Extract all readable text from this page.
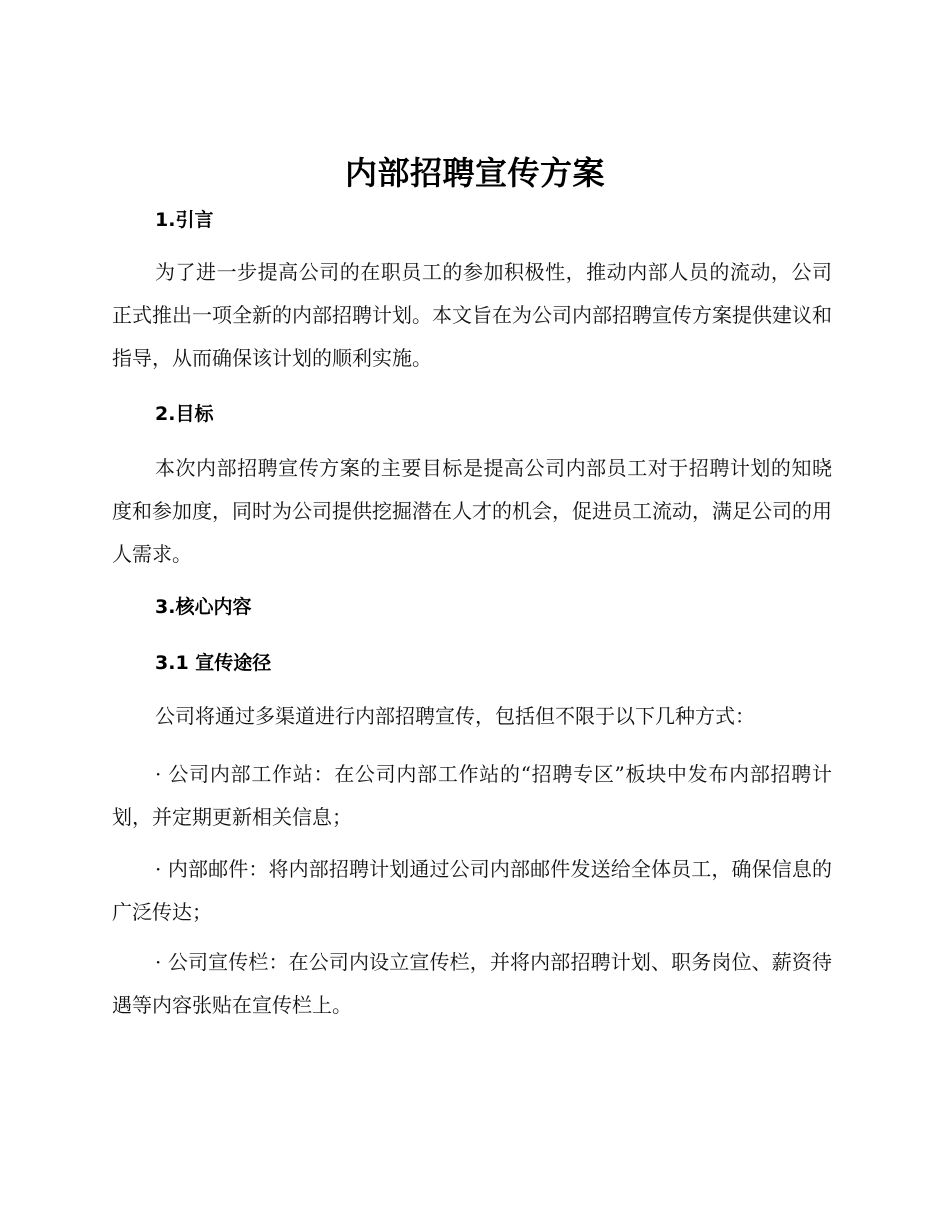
内部招聘宣传方案
1.引言
为了进一步提高公司的在职员工的参加积极性，推动内部人员的流动，公司正式推出一项全新的内部招聘计划。本文旨在为公司内部招聘宣传方案提供建议和指导，从而确保该计划的顺利实施。
2.目标
本次内部招聘宣传方案的主要目标是提高公司内部员工对于招聘计划的知晓度和参加度，同时为公司提供挖掘潜在人才的机会，促进员工流动，满足公司的用人需求。
3.核心内容
3.1 宣传途径
公司将通过多渠道进行内部招聘宣传，包括但不限于以下几种方式：
· 公司内部工作站：在公司内部工作站的“招聘专区”板块中发布内部招聘计划，并定期更新相关信息；
· 内部邮件：将内部招聘计划通过公司内部邮件发送给全体员工，确保信息的广泛传达；
· 公司宣传栏：在公司内设立宣传栏，并将内部招聘计划、职务岗位、薪资待遇等内容张贴在宣传栏上。
